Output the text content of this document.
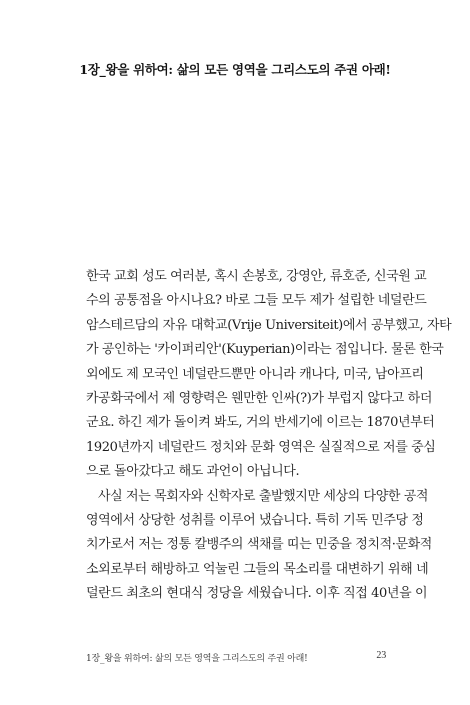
1장_왕을 위하여: 삶의 모든 영역을 그리스도의 주권 아래!
한국 교회 성도 여러분, 혹시 손봉호, 강영안, 류호준, 신국원 교
수의 공통점을 아시나요? 바로 그들 모두 제가 설립한 네덜란드
암스테르담의 자유 대학교(Vrije Universiteit)에서 공부했고, 자타
가 공인하는 '카이퍼리안'(Kuyperian)이라는 점입니다. 물론 한국
외에도 제 모국인 네덜란드뿐만 아니라 캐나다, 미국, 남아프리
카공화국에서 제 영향력은 웬만한 인싸(?)가 부럽지 않다고 하더
군요. 하긴 제가 돌이켜 봐도, 거의 반세기에 이르는 1870년부터
1920년까지 네덜란드 정치와 문화 영역은 실질적으로 저를 중심
으로 돌아갔다고 해도 과언이 아닙니다.
사실 저는 목회자와 신학자로 출발했지만 세상의 다양한 공적
영역에서 상당한 성취를 이루어 냈습니다. 특히 기독 민주당 정
치가로서 저는 정통 칼뱅주의 색채를 띠는 민중을 정치적·문화적
소외로부터 해방하고 억눌린 그들의 목소리를 대변하기 위해 네
덜란드 최초의 현대식 정당을 세웠습니다. 이후 직접 40년을 이
1장_왕을 위하여: 삶의 모든 영역을 그리스도의 주권 아래!	23
